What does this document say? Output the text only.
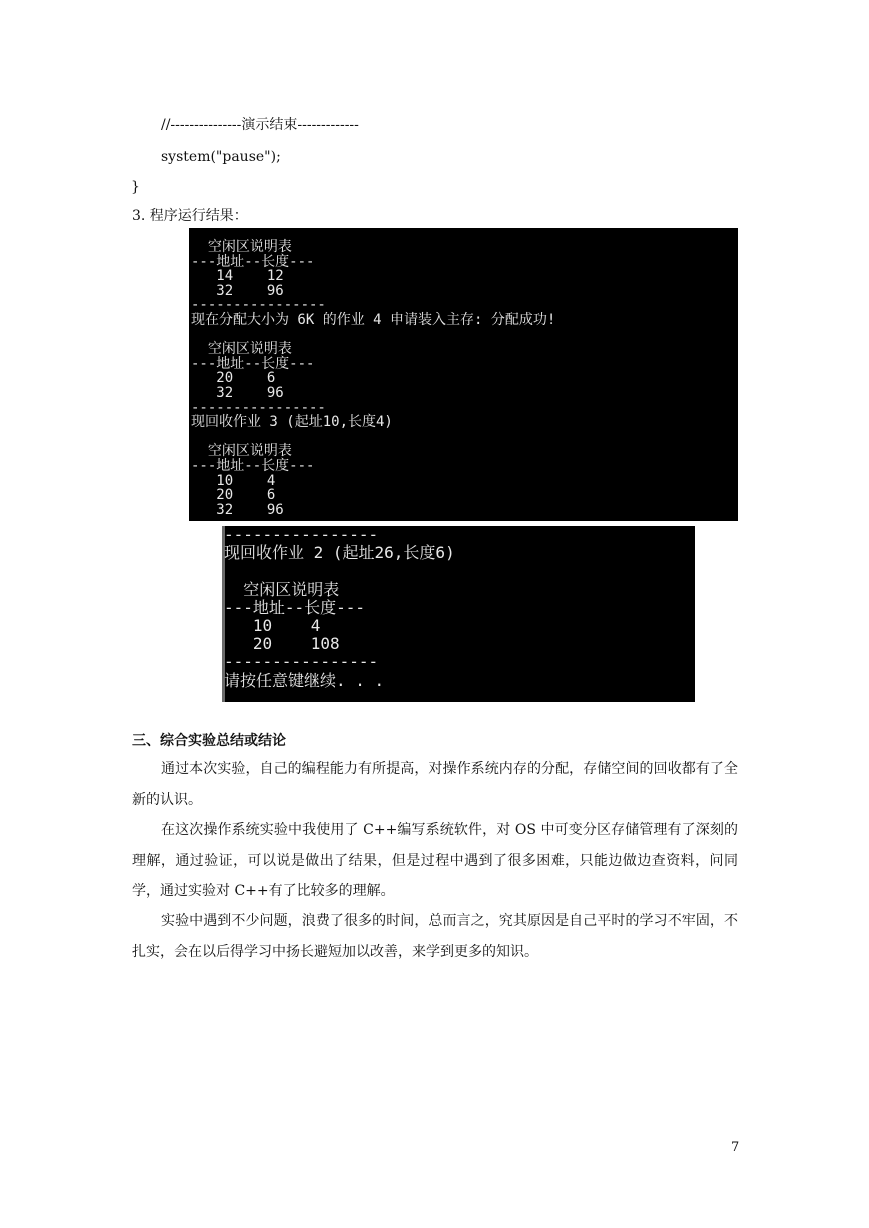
//---------------演示结束-------------
system("pause");
}
3. 程序运行结果：
空闲区说明表
---地址--长度---
14    12
32    96
----------------
现在分配大小为 6K 的作业 4 申请装入主存: 分配成功!
空闲区说明表
---地址--长度---
20    6
32    96
----------------
现回收作业 3 (起址10,长度4)
空闲区说明表
---地址--长度---
10    4
20    6
32    96
----------------
现回收作业 2 (起址26,长度6)
空闲区说明表
---地址--长度---
10    4
20    108
----------------
请按任意键继续. . .
三、综合实验总结或结论
通过本次实验，自己的编程能力有所提高，对操作系统内存的分配，存储空间的回收都有了全新的认识。
在这次操作系统实验中我使用了 C++编写系统软件，对 OS 中可变分区存储管理有了深刻的理解，通过验证，可以说是做出了结果，但是过程中遇到了很多困难，只能边做边查资料，问同学，通过实验对 C++有了比较多的理解。
实验中遇到不少问题，浪费了很多的时间，总而言之，究其原因是自己平时的学习不牢固，不扎实，会在以后得学习中扬长避短加以改善，来学到更多的知识。
7
